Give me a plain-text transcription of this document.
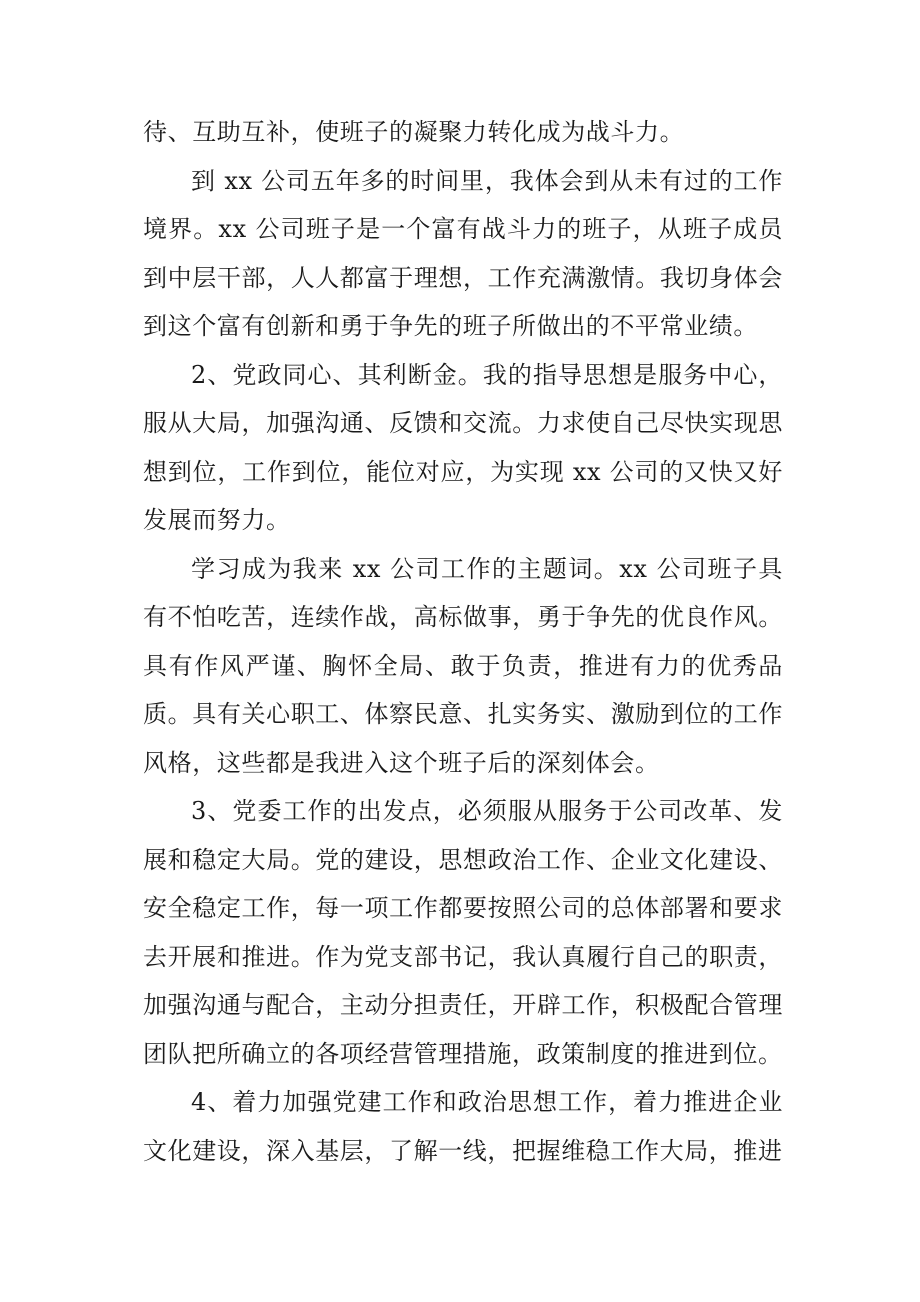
待、互助互补，使班子的凝聚力转化成为战斗力。

到 xx 公司五年多的时间里，我体会到从未有过的工作境界。xx 公司班子是一个富有战斗力的班子，从班子成员到中层干部，人人都富于理想，工作充满激情。我切身体会到这个富有创新和勇于争先的班子所做出的不平常业绩。

2、党政同心、其利断金。我的指导思想是服务中心，服从大局，加强沟通、反馈和交流。力求使自己尽快实现思想到位，工作到位，能位对应，为实现 xx 公司的又快又好发展而努力。

学习成为我来 xx 公司工作的主题词。xx 公司班子具有不怕吃苦，连续作战，高标做事，勇于争先的优良作风。具有作风严谨、胸怀全局、敢于负责，推进有力的优秀品质。具有关心职工、体察民意、扎实务实、激励到位的工作风格，这些都是我进入这个班子后的深刻体会。

3、党委工作的出发点，必须服从服务于公司改革、发展和稳定大局。党的建设，思想政治工作、企业文化建设、安全稳定工作，每一项工作都要按照公司的总体部署和要求去开展和推进。作为党支部书记，我认真履行自己的职责，加强沟通与配合，主动分担责任，开辟工作，积极配合管理团队把所确立的各项经营管理措施，政策制度的推进到位。

4、着力加强党建工作和政治思想工作，着力推进企业文化建设，深入基层，了解一线，把握维稳工作大局，推进
